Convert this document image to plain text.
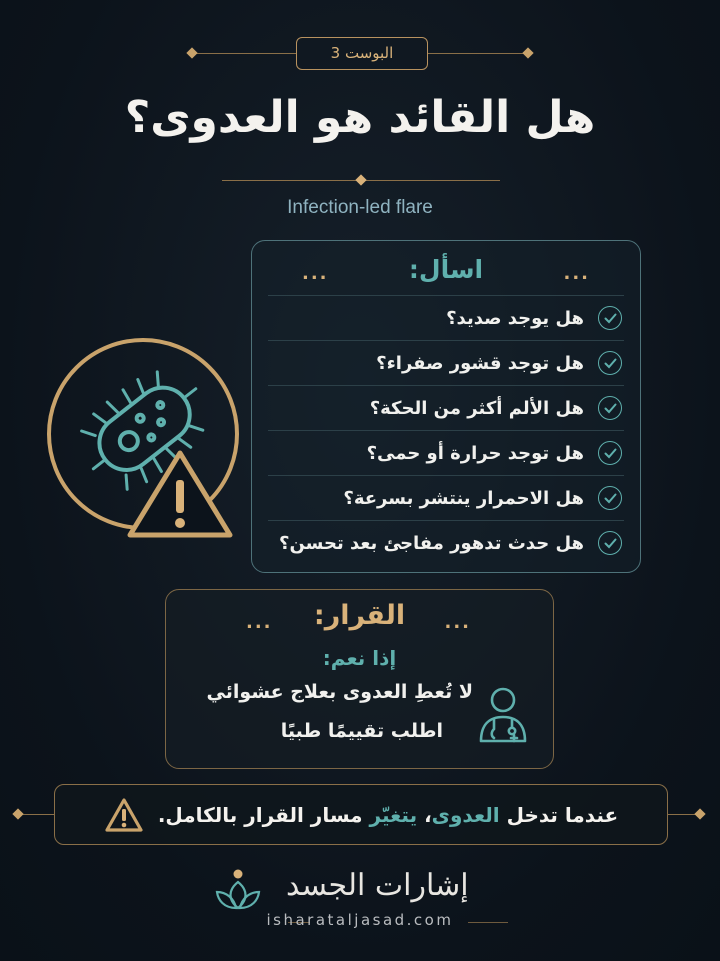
البوست 3
هل القائد هو العدوى؟
Infection-led flare
...	اسأل:	...
هل يوجد صديد؟
هل توجد قشور صفراء؟
هل الألم أكثر من الحكة؟
هل توجد حرارة أو حمى؟
هل الاحمرار ينتشر بسرعة؟
هل حدث تدهور مفاجئ بعد تحسن؟
...	القرار:	...
إذا نعم:
لا تُعطِ العدوى بعلاج عشوائي
اطلب تقييمًا طبيًا
عندما تدخل العدوى، يتغيّر مسار القرار بالكامل.
إشارات الجسد
isharataljasad.com
